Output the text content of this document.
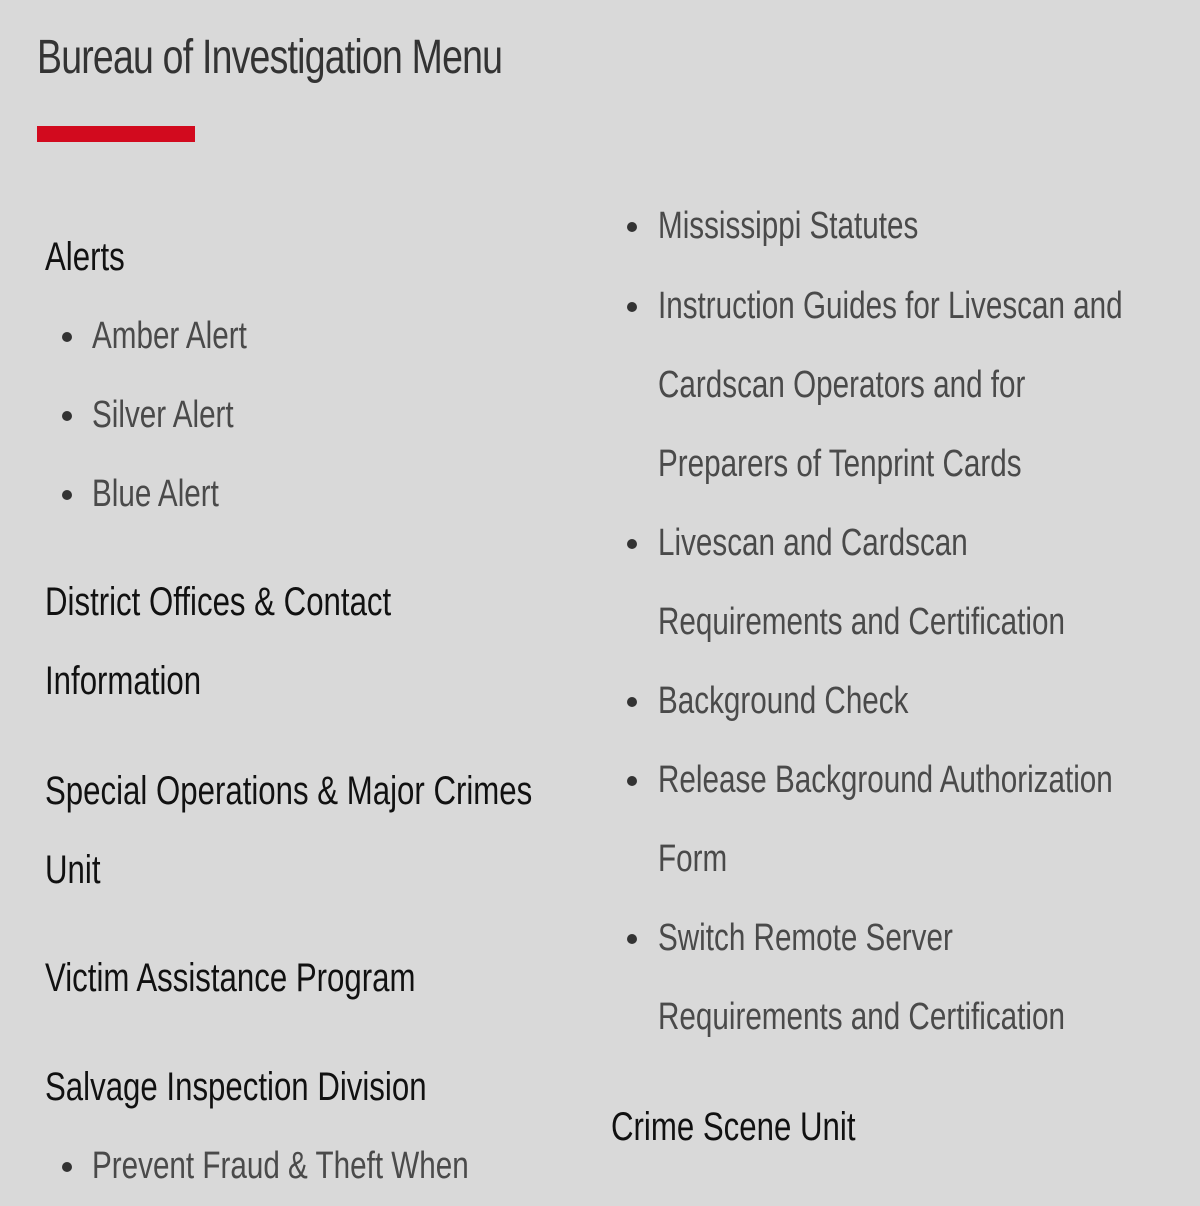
Bureau of Investigation Menu
Alerts
Amber Alert
Silver Alert
Blue Alert
District Offices & Contact
Information
Special Operations & Major Crimes
Unit
Victim Assistance Program
Salvage Inspection Division
Prevent Fraud & Theft When
Mississippi Statutes
Instruction Guides for Livescan and
Cardscan Operators and for
Preparers of Tenprint Cards
Livescan and Cardscan
Requirements and Certification
Background Check
Release Background Authorization
Form
Switch Remote Server
Requirements and Certification
Crime Scene Unit
